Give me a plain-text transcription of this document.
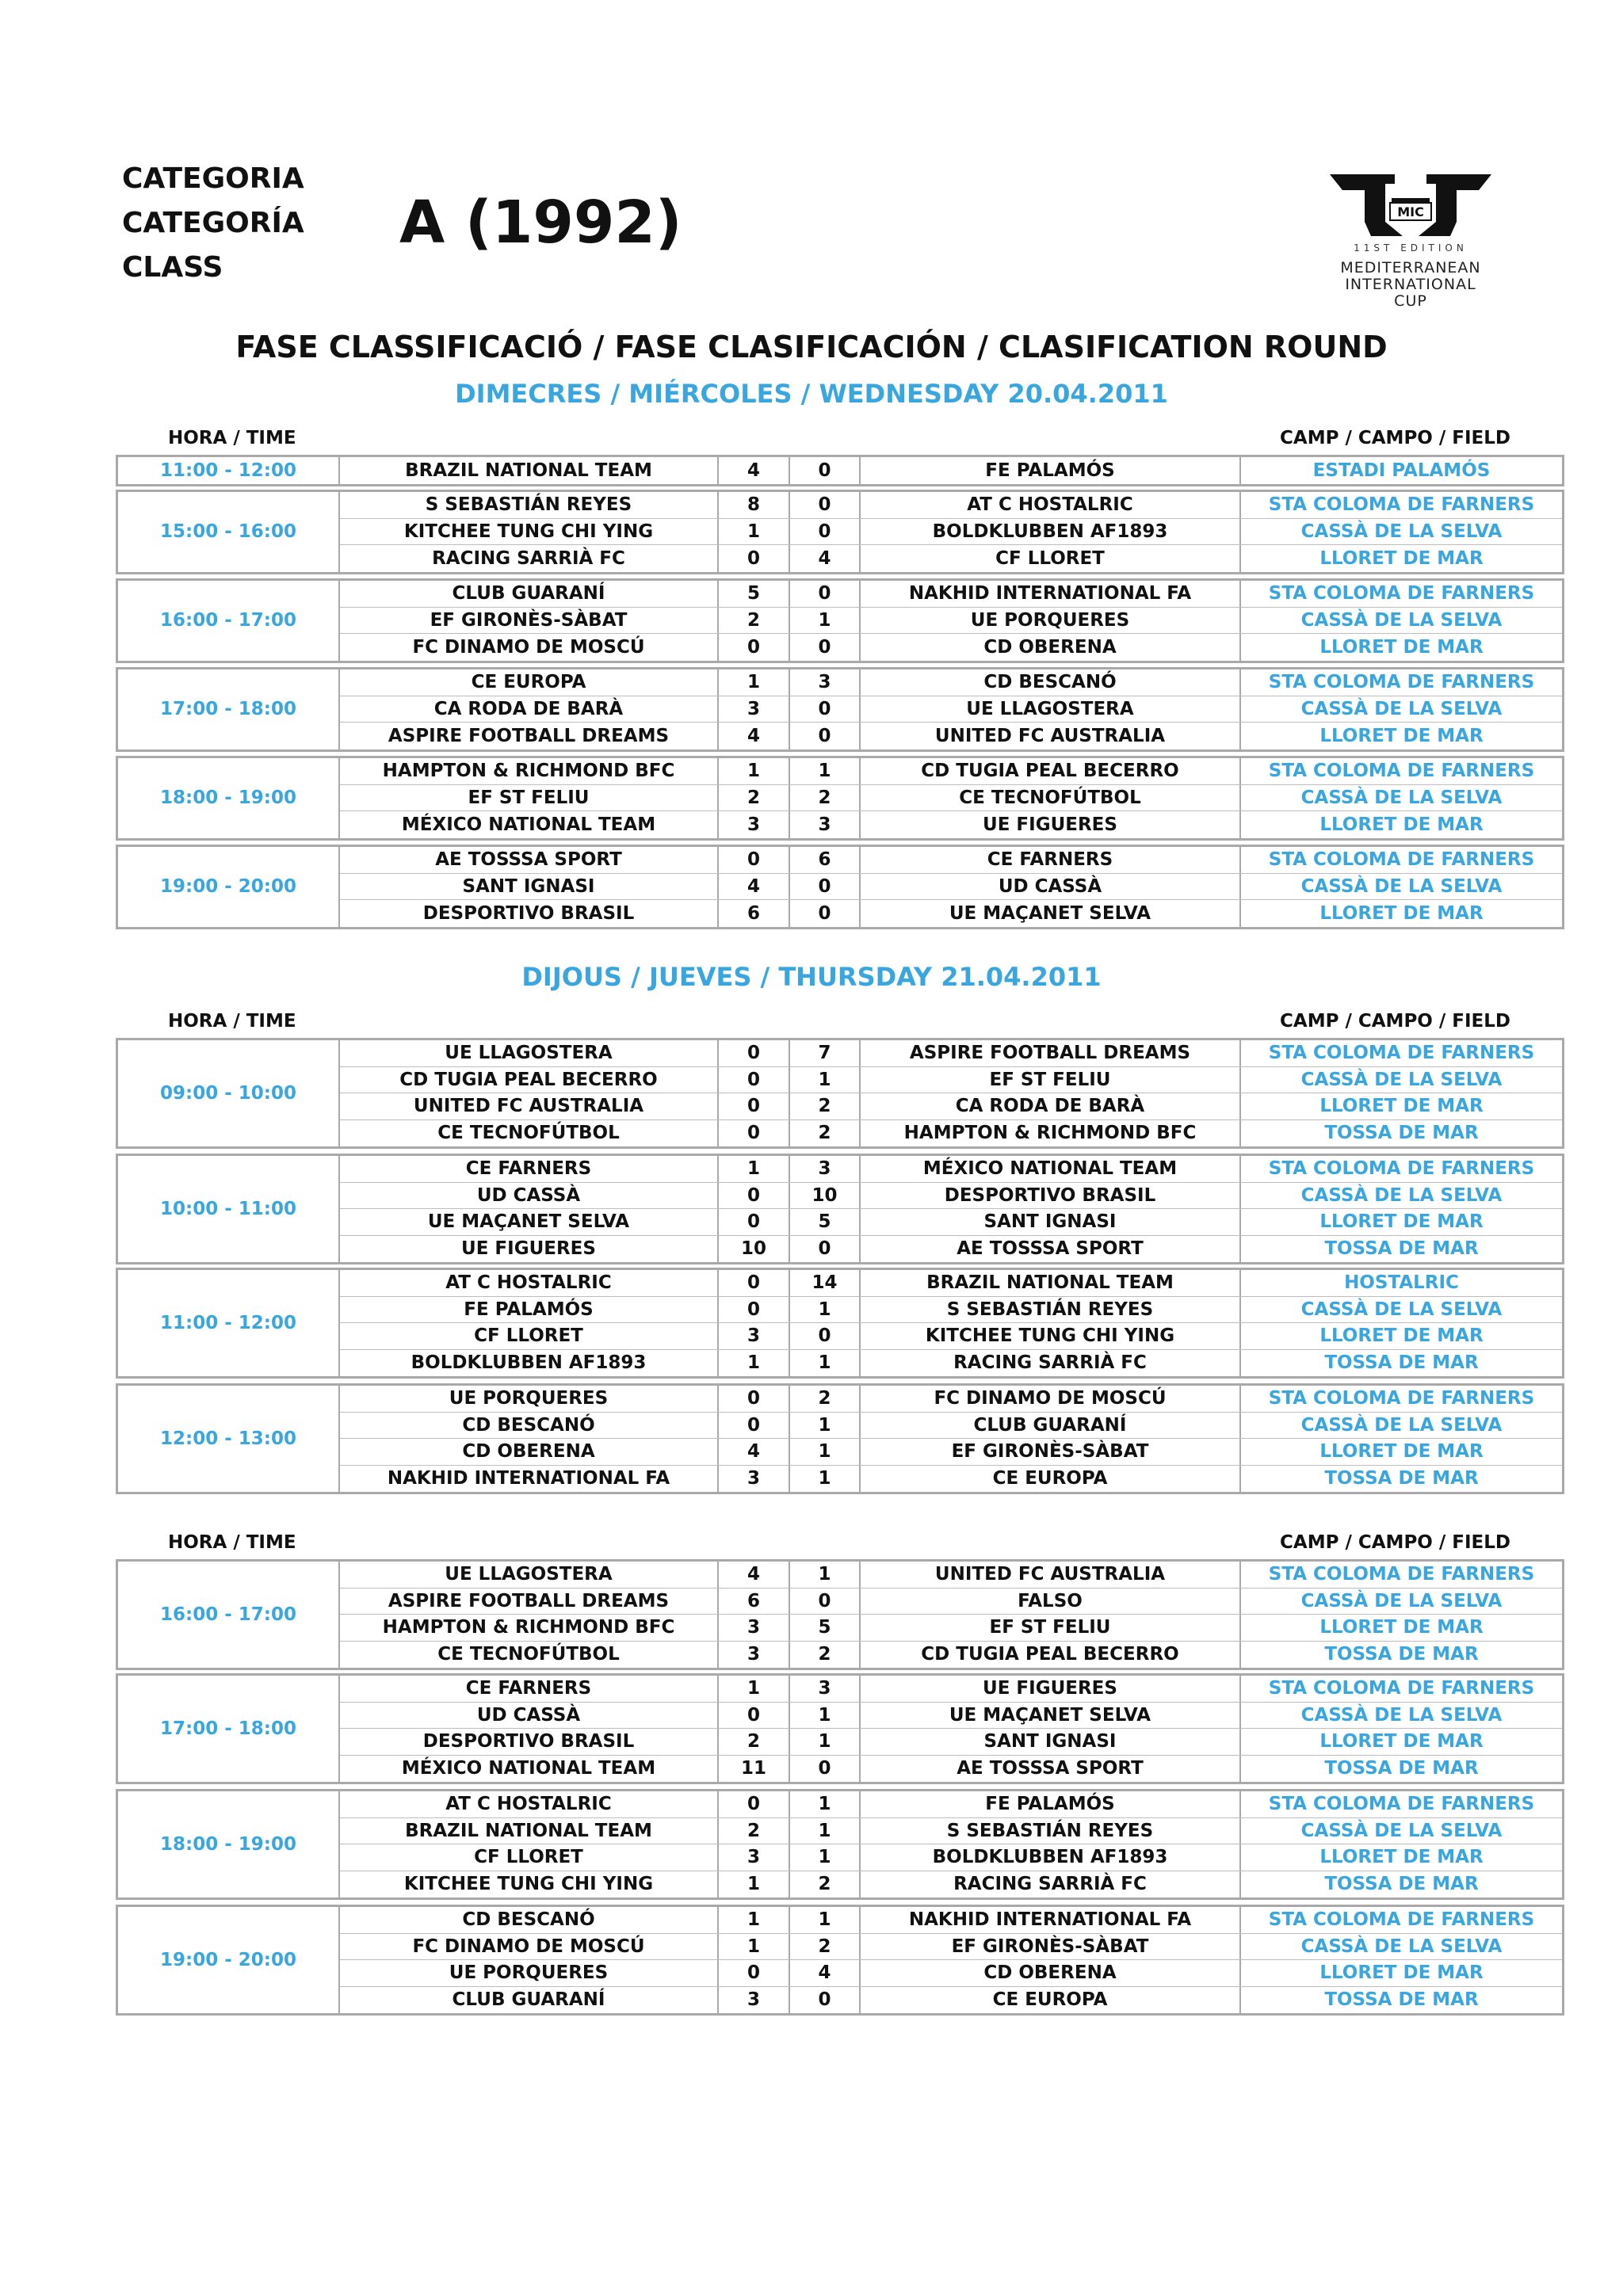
CATEGORIA
CATEGORÍA
CLASS
A (1992)	MIC
11ST EDITION
MEDITERRANEAN
INTERNATIONAL
CUP
FASE CLASSIFICACIÓ / FASE CLASIFICACIÓN / CLASIFICATION ROUND
DIMECRES / MIÉRCOLES / WEDNESDAY 20.04.2011
HORA / TIME	CAMP / CAMPO / FIELD
11:00 - 12:00	BRAZIL NATIONAL TEAM	4	0	FE PALAMÓS	ESTADI PALAMÓS
15:00 - 16:00
S SEBASTIÁN REYES	8	0	AT C HOSTALRIC	STA COLOMA DE FARNERS
KITCHEE TUNG CHI YING	1	0	BOLDKLUBBEN AF1893	CASSÀ DE LA SELVA
RACING SARRIÀ FC	0	4	CF LLORET	LLORET DE MAR
16:00 - 17:00
CLUB GUARANÍ	5	0	NAKHID INTERNATIONAL FA	STA COLOMA DE FARNERS
EF GIRONÈS-SÀBAT	2	1	UE PORQUERES	CASSÀ DE LA SELVA
FC DINAMO DE MOSCÚ	0	0	CD OBERENA	LLORET DE MAR
17:00 - 18:00
CE EUROPA	1	3	CD BESCANÓ	STA COLOMA DE FARNERS
CA RODA DE BARÀ	3	0	UE LLAGOSTERA	CASSÀ DE LA SELVA
ASPIRE FOOTBALL DREAMS	4	0	UNITED FC AUSTRALIA	LLORET DE MAR
18:00 - 19:00
HAMPTON & RICHMOND BFC	1	1	CD TUGIA PEAL BECERRO	STA COLOMA DE FARNERS
EF ST FELIU	2	2	CE TECNOFÚTBOL	CASSÀ DE LA SELVA
MÉXICO NATIONAL TEAM	3	3	UE FIGUERES	LLORET DE MAR
19:00 - 20:00
AE TOSSSA SPORT	0	6	CE FARNERS	STA COLOMA DE FARNERS
SANT IGNASI	4	0	UD CASSÀ	CASSÀ DE LA SELVA
DESPORTIVO BRASIL	6	0	UE MAÇANET SELVA	LLORET DE MAR
DIJOUS / JUEVES / THURSDAY 21.04.2011
HORA / TIME	CAMP / CAMPO / FIELD
09:00 - 10:00
UE LLAGOSTERA	0	7	ASPIRE FOOTBALL DREAMS	STA COLOMA DE FARNERS
CD TUGIA PEAL BECERRO	0	1	EF ST FELIU	CASSÀ DE LA SELVA
UNITED FC AUSTRALIA	0	2	CA RODA DE BARÀ	LLORET DE MAR
CE TECNOFÚTBOL	0	2	HAMPTON & RICHMOND BFC	TOSSA DE MAR
10:00 - 11:00
CE FARNERS	1	3	MÉXICO NATIONAL TEAM	STA COLOMA DE FARNERS
UD CASSÀ	0	10	DESPORTIVO BRASIL	CASSÀ DE LA SELVA
UE MAÇANET SELVA	0	5	SANT IGNASI	LLORET DE MAR
UE FIGUERES	10	0	AE TOSSSA SPORT	TOSSA DE MAR
11:00 - 12:00
AT C HOSTALRIC	0	14	BRAZIL NATIONAL TEAM	HOSTALRIC
FE PALAMÓS	0	1	S SEBASTIÁN REYES	CASSÀ DE LA SELVA
CF LLORET	3	0	KITCHEE TUNG CHI YING	LLORET DE MAR
BOLDKLUBBEN AF1893	1	1	RACING SARRIÀ FC	TOSSA DE MAR
12:00 - 13:00
UE PORQUERES	0	2	FC DINAMO DE MOSCÚ	STA COLOMA DE FARNERS
CD BESCANÓ	0	1	CLUB GUARANÍ	CASSÀ DE LA SELVA
CD OBERENA	4	1	EF GIRONÈS-SÀBAT	LLORET DE MAR
NAKHID INTERNATIONAL FA	3	1	CE EUROPA	TOSSA DE MAR
HORA / TIME	CAMP / CAMPO / FIELD
16:00 - 17:00
UE LLAGOSTERA	4	1	UNITED FC AUSTRALIA	STA COLOMA DE FARNERS
ASPIRE FOOTBALL DREAMS	6	0	FALSO	CASSÀ DE LA SELVA
HAMPTON & RICHMOND BFC	3	5	EF ST FELIU	LLORET DE MAR
CE TECNOFÚTBOL	3	2	CD TUGIA PEAL BECERRO	TOSSA DE MAR
17:00 - 18:00
CE FARNERS	1	3	UE FIGUERES	STA COLOMA DE FARNERS
UD CASSÀ	0	1	UE MAÇANET SELVA	CASSÀ DE LA SELVA
DESPORTIVO BRASIL	2	1	SANT IGNASI	LLORET DE MAR
MÉXICO NATIONAL TEAM	11	0	AE TOSSSA SPORT	TOSSA DE MAR
18:00 - 19:00
AT C HOSTALRIC	0	1	FE PALAMÓS	STA COLOMA DE FARNERS
BRAZIL NATIONAL TEAM	2	1	S SEBASTIÁN REYES	CASSÀ DE LA SELVA
CF LLORET	3	1	BOLDKLUBBEN AF1893	LLORET DE MAR
KITCHEE TUNG CHI YING	1	2	RACING SARRIÀ FC	TOSSA DE MAR
19:00 - 20:00
CD BESCANÓ	1	1	NAKHID INTERNATIONAL FA	STA COLOMA DE FARNERS
FC DINAMO DE MOSCÚ	1	2	EF GIRONÈS-SÀBAT	CASSÀ DE LA SELVA
UE PORQUERES	0	4	CD OBERENA	LLORET DE MAR
CLUB GUARANÍ	3	0	CE EUROPA	TOSSA DE MAR
